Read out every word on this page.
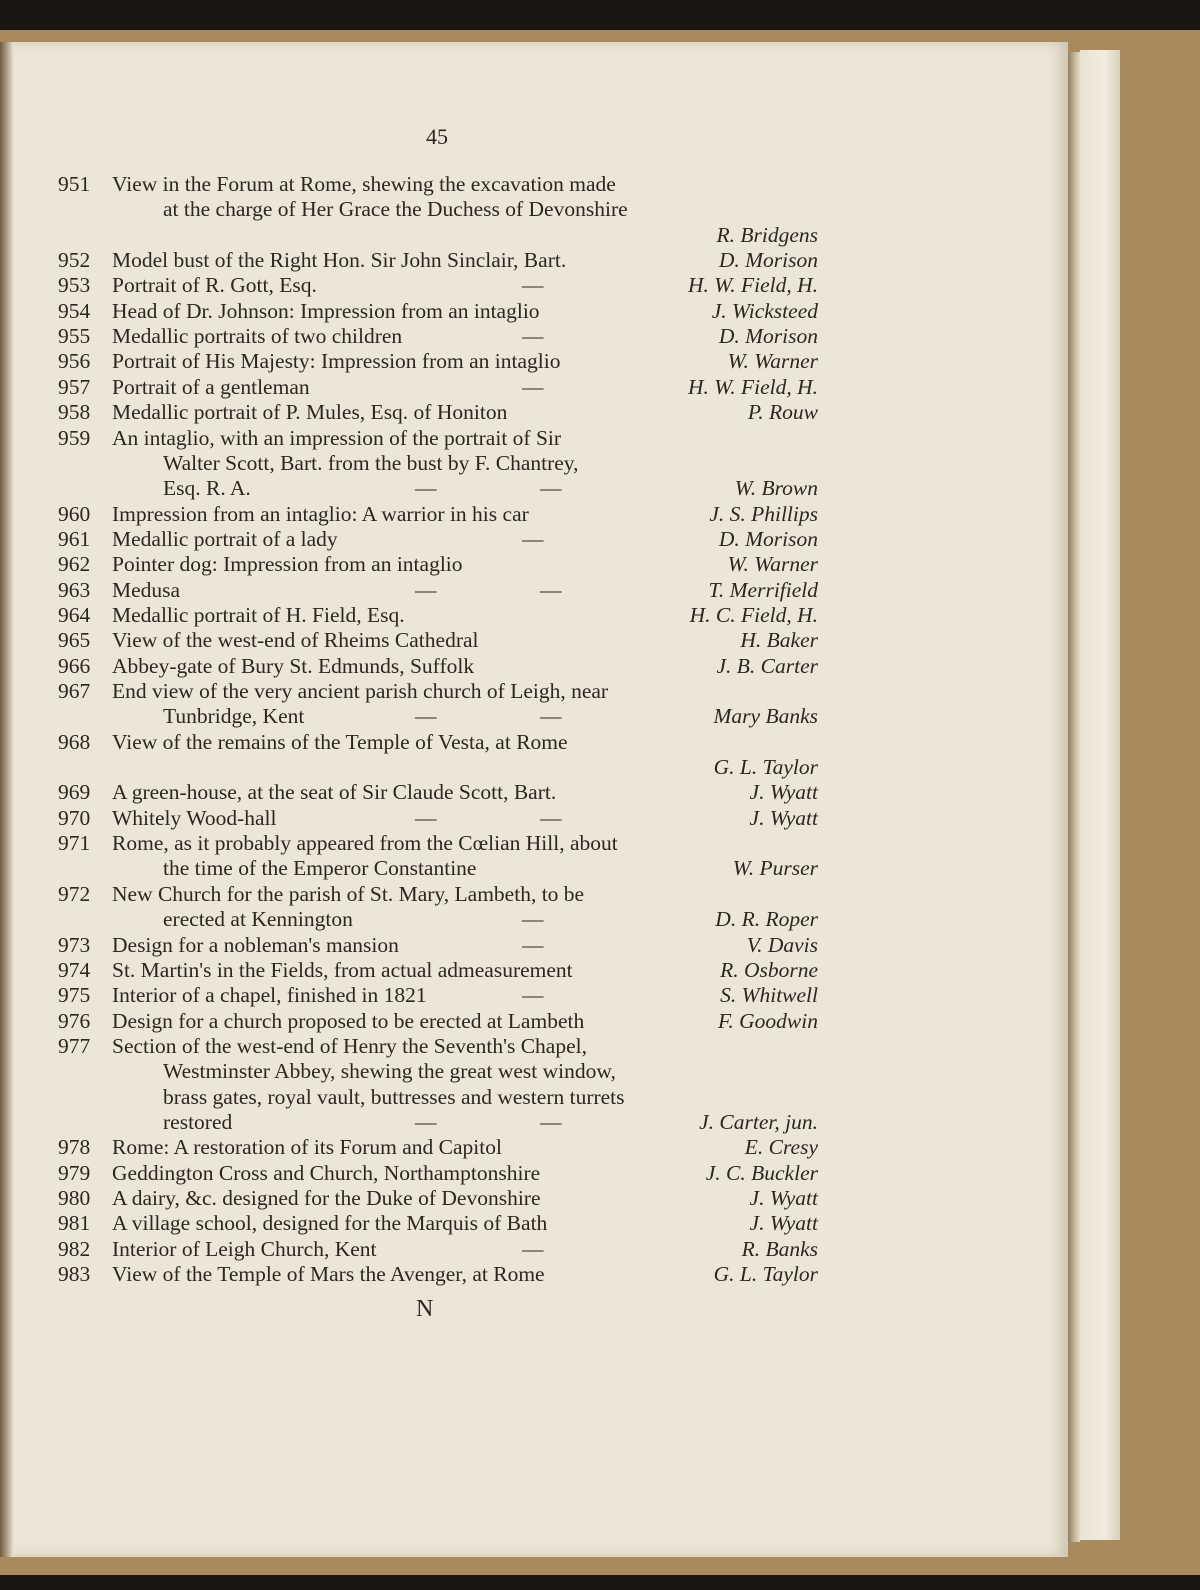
45
951 View in the Forum at Rome, shewing the excavation made
at the charge of Her Grace the Duchess of Devonshire
R. Bridgens
952 Model bust of the Right Hon. Sir John Sinclair, Bart.	D. Morison
953 Portrait of R. Gott, Esq.	—	H. W. Field, H.
954 Head of Dr. Johnson: Impression from an intaglio	J. Wicksteed
955 Medallic portraits of two children	—	D. Morison
956 Portrait of His Majesty: Impression from an intaglio	W. Warner
957 Portrait of a gentleman	—	H. W. Field, H.
958 Medallic portrait of P. Mules, Esq. of Honiton	P. Rouw
959 An intaglio, with an impression of the portrait of Sir
Walter Scott, Bart. from the bust by F. Chantrey,
Esq. R. A.	—	—	W. Brown
960 Impression from an intaglio: A warrior in his car	J. S. Phillips
961 Medallic portrait of a lady	—	D. Morison
962 Pointer dog: Impression from an intaglio	W. Warner
963 Medusa	—	—	T. Merrifield
964 Medallic portrait of H. Field, Esq.	H. C. Field, H.
965 View of the west-end of Rheims Cathedral	H. Baker
966 Abbey-gate of Bury St. Edmunds, Suffolk	J. B. Carter
967 End view of the very ancient parish church of Leigh, near
Tunbridge, Kent	—	—	Mary Banks
968 View of the remains of the Temple of Vesta, at Rome
G. L. Taylor
969 A green-house, at the seat of Sir Claude Scott, Bart.	J. Wyatt
970 Whitely Wood-hall	—	—	J. Wyatt
971 Rome, as it probably appeared from the Cœlian Hill, about
the time of the Emperor Constantine	W. Purser
972 New Church for the parish of St. Mary, Lambeth, to be
erected at Kennington	—	D. R. Roper
973 Design for a nobleman's mansion	—	V. Davis
974 St. Martin's in the Fields, from actual admeasurement	R. Osborne
975 Interior of a chapel, finished in 1821	—	S. Whitwell
976 Design for a church proposed to be erected at Lambeth	F. Goodwin
977 Section of the west-end of Henry the Seventh's Chapel,
Westminster Abbey, shewing the great west window,
brass gates, royal vault, buttresses and western turrets
restored	—	—	J. Carter, jun.
978 Rome: A restoration of its Forum and Capitol	E. Cresy
979 Geddington Cross and Church, Northamptonshire	J. C. Buckler
980 A dairy, &c. designed for the Duke of Devonshire	J. Wyatt
981 A village school, designed for the Marquis of Bath	J. Wyatt
982 Interior of Leigh Church, Kent	—	R. Banks
983 View of the Temple of Mars the Avenger, at Rome	G. L. Taylor
N
